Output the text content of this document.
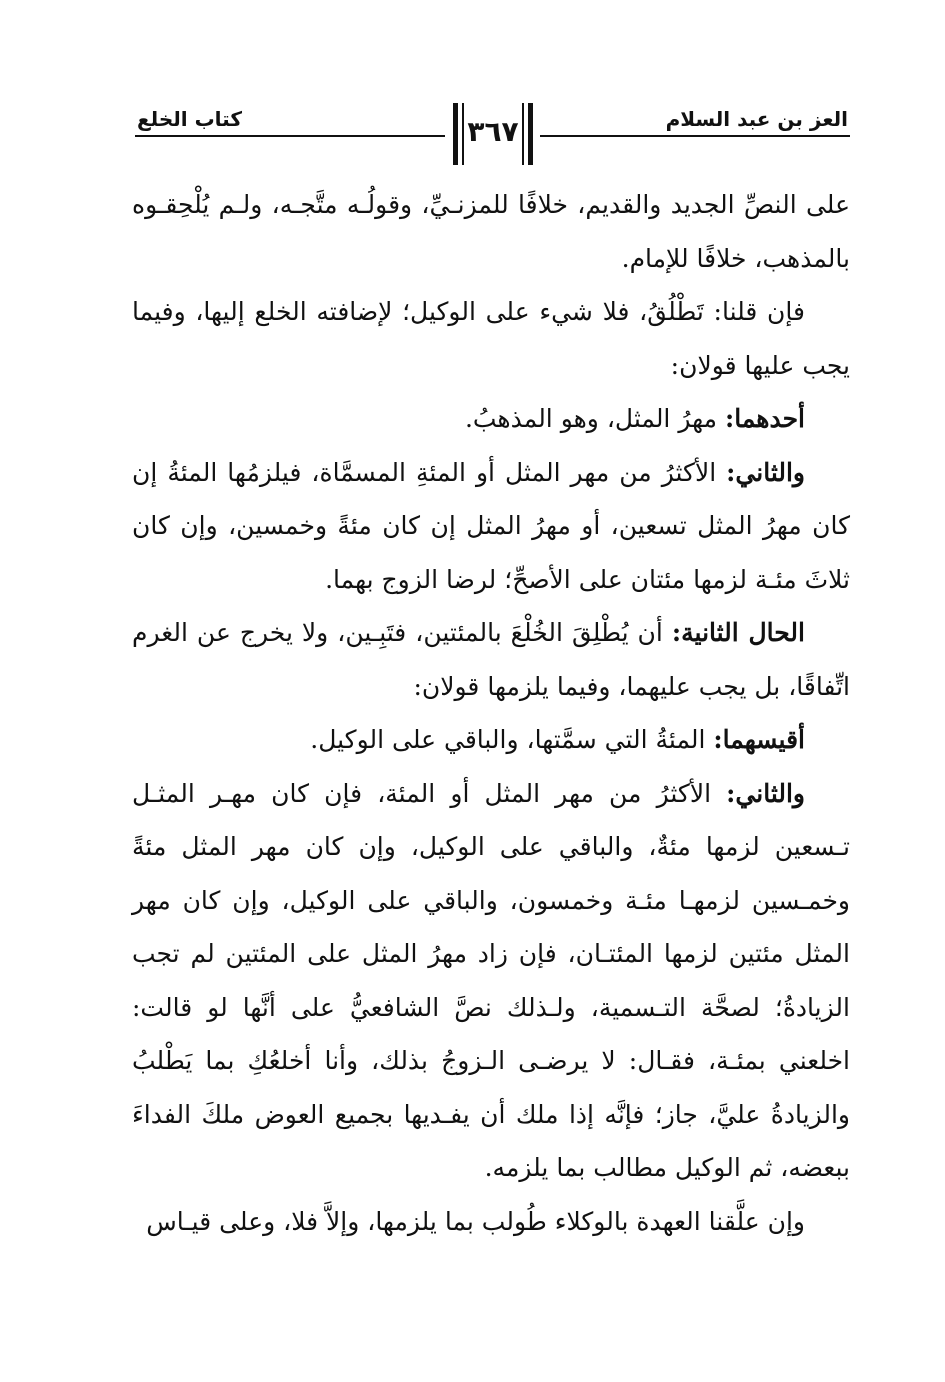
العز بن عبد السلام
كتاب الخلع	٣٦٧

على النصِّ الجديد والقديم، خلافًا للمزنـيِّ، وقولُـه متَّجـه، ولـم يُلْحِقـوه بالمذهب، خلافًا للإمام.

فإن قلنا: تَطْلُقُ، فلا شيء على الوكيل؛ لإضافته الخلع إليها، وفيما يجب عليها قولان:

أحدهما: مهرُ المثل، وهو المذهبُ.

والثاني: الأكثرُ من مهر المثل أو المئةِ المسمَّاة، فيلزمُها المئةُ إن كان مهرُ المثل تسعين، أو مهرُ المثل إن كان مئةً وخمسين، وإن كان ثلاثَ مئـة لزمها مئتان على الأصحِّ؛ لرضا الزوج بهما.

الحال الثانية: أن يُطْلِقَ الخُلْعَ بالمئتين، فتَبِـين، ولا يخرج عن الغرم اتِّفاقًا، بل يجب عليهما، وفيما يلزمها قولان:

أقيسهما: المئةُ التي سمَّتها، والباقي على الوكيل.

والثاني: الأكثرُ من مهر المثل أو المئة، فإن كان مهـر المثـل تـسعين لزمها مئةٌ، والباقي على الوكيل، وإن كان مهر المثل مئةً وخمـسين لزمهـا مئـة وخمسون، والباقي على الوكيل، وإن كان مهر المثل مئتين لزمها المئتـان، فإن زاد مهرُ المثل على المئتين لم تجب الزيادةُ؛ لصحَّة التـسمية، ولـذلك نصَّ الشافعيُّ على أنَّها لو قالت: اخلعني بمئـة، فقـال: لا يرضـى الـزوجُ بذلك، وأنا أخلعُكِ بما يَطْلبُ والزيادةُ عليَّ، جاز؛ فإنَّه إذا ملك أن يفـديها بجميع العوض ملكَ الفداءَ ببعضه، ثم الوكيل مطالب بما يلزمه.

وإن علَّقنا العهدة بالوكلاء طُولب بما يلزمها، وإلاَّ فلا، وعلى قيـاس
